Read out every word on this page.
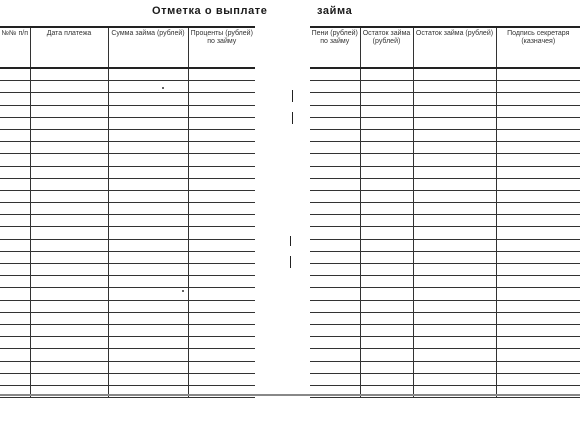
Отметка о выплате
№№ п/п	Дата платежа	Сумма займа (рублей)	Проценты (рублей) по займу

займа
Пени (рублей) по займу	Остаток займа (рублей)	Остаток займа (рублей)	Подпись секретаря (казначея)
